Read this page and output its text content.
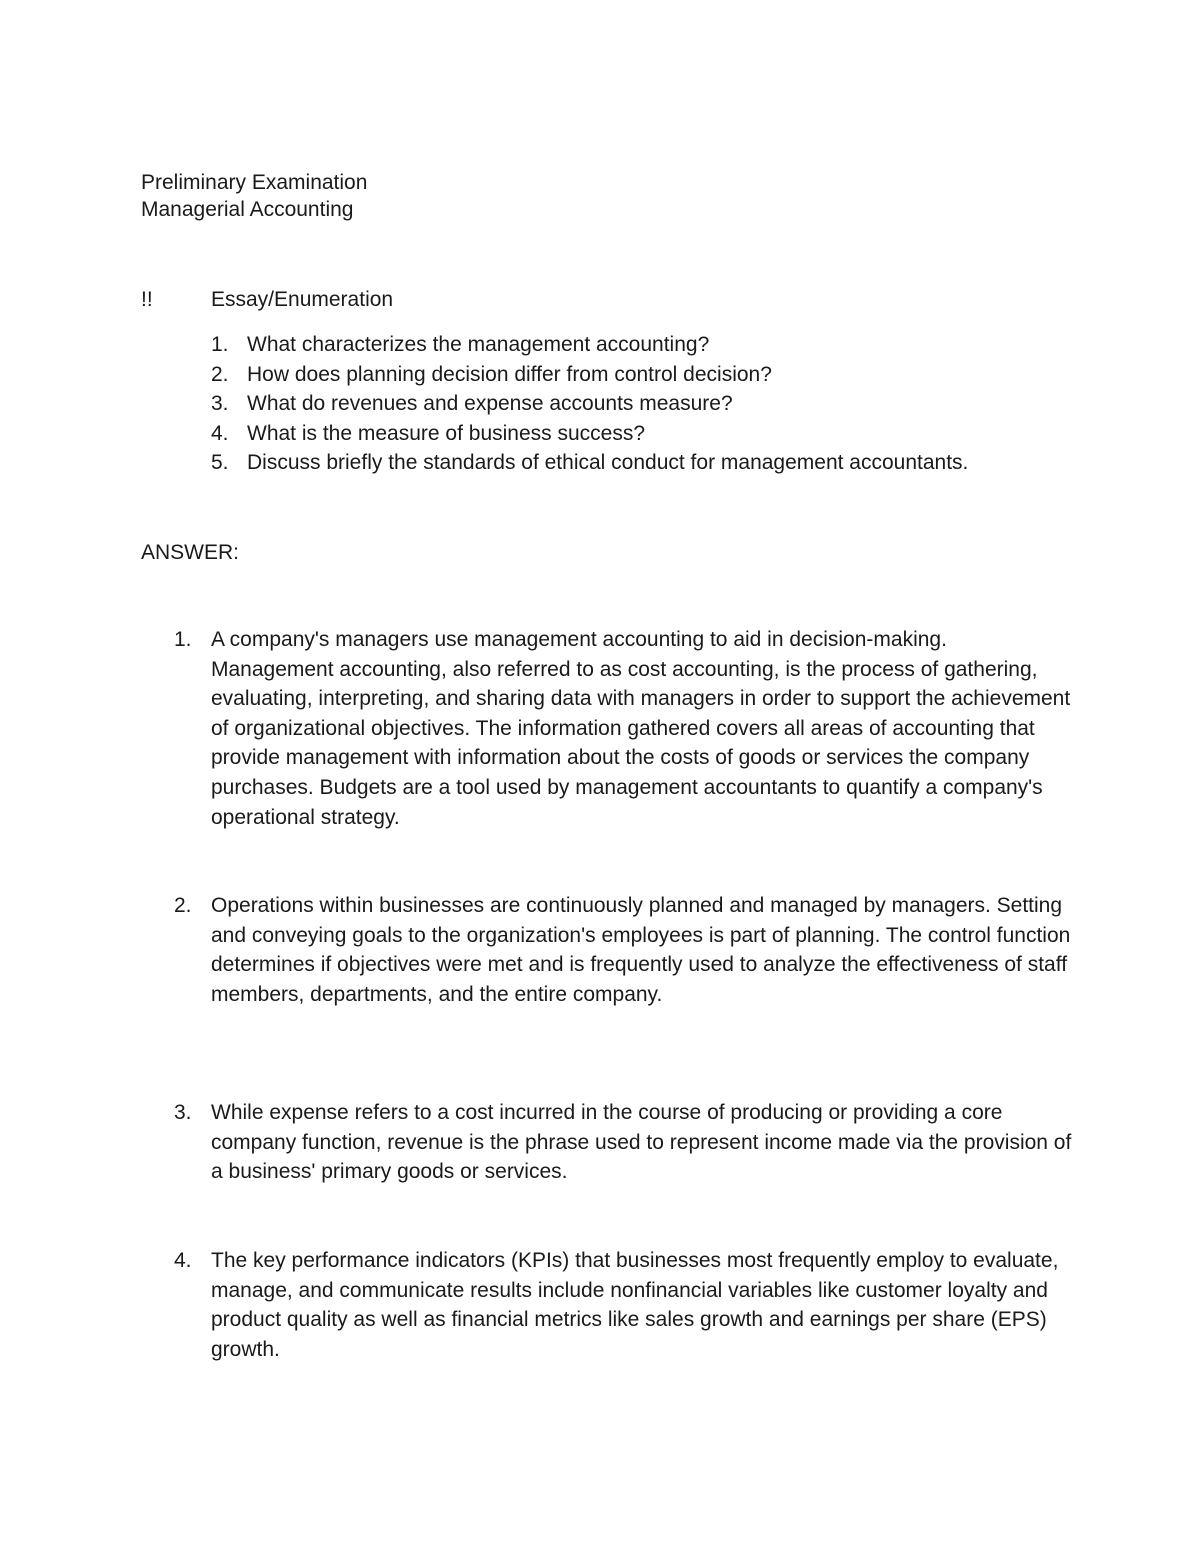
Preliminary Examination
Managerial Accounting
!!	Essay/Enumeration
1. What characterizes the management accounting?
2. How does planning decision differ from control decision?
3. What do revenues and expense accounts measure?
4. What is the measure of business success?
5. Discuss briefly the standards of ethical conduct for management accountants.
ANSWER:
1. A company's managers use management accounting to aid in decision-making. Management accounting, also referred to as cost accounting, is the process of gathering, evaluating, interpreting, and sharing data with managers in order to support the achievement of organizational objectives. The information gathered covers all areas of accounting that provide management with information about the costs of goods or services the company purchases. Budgets are a tool used by management accountants to quantify a company's operational strategy.
2. Operations within businesses are continuously planned and managed by managers. Setting and conveying goals to the organization's employees is part of planning. The control function determines if objectives were met and is frequently used to analyze the effectiveness of staff members, departments, and the entire company.
3. While expense refers to a cost incurred in the course of producing or providing a core company function, revenue is the phrase used to represent income made via the provision of a business' primary goods or services.
4. The key performance indicators (KPIs) that businesses most frequently employ to evaluate, manage, and communicate results include nonfinancial variables like customer loyalty and product quality as well as financial metrics like sales growth and earnings per share (EPS) growth.
